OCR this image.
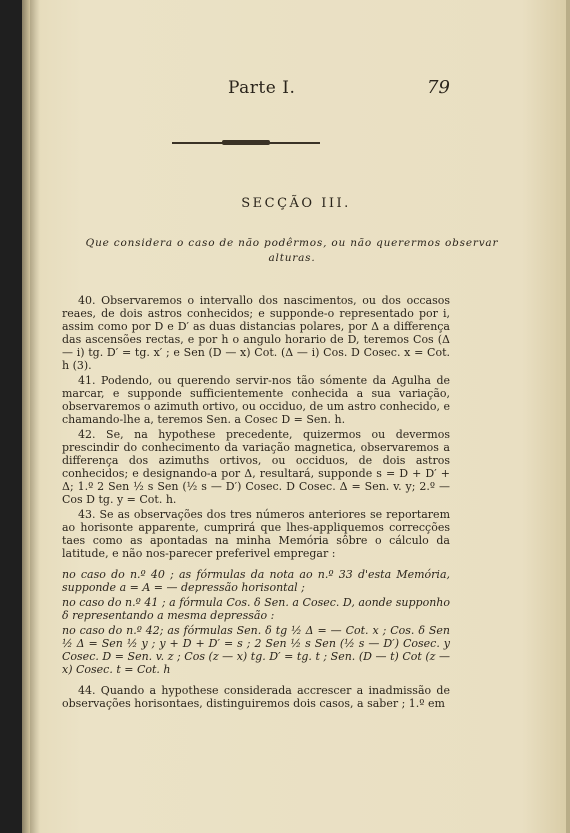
Parte I.	79
SECÇÃO III.
Que considera o caso de não podêrmos, ou não querermos observar alturas.

40. Observaremos o intervallo dos nascimentos, ou dos occasos reaes, de dois astros conhecidos; e supponde-o representado por i, assim como por D e D′ as duas distancias polares, por Δ a differença das ascensões rectas, e por h o angulo horario de D, teremos Cos (Δ — i) tg. D′ = tg. x′ ; e Sen (D — x) Cot. (Δ — i) Cos. D Cosec. x = Cot. h (3).

41. Podendo, ou querendo servir-nos tão sómente da Agulha de marcar, e supponde sufficientemente conhecida a sua variação, observaremos o azimuth ortivo, ou occiduo, de um astro conhecido, e chamando-lhe a, teremos Sen. a Cosec D = Sen. h.

42. Se, na hypothese precedente, quizermos ou devermos prescindir do conhecimento da variação magnetica, observaremos a differença dos azimuths ortivos, ou occiduos, de dois astros conhecidos; e designando-a por Δ, resultará, supponde s = D + D′ + Δ; 1.º 2 Sen ½ s Sen (½ s — D′) Cosec. D Cosec. Δ = Sen. v. y; 2.º — Cos D tg. y = Cot. h.

43. Se as observações dos tres números anteriores se reportarem ao horisonte apparente, cumprirá que lhes-appliquemos correcções taes como as apontadas na minha Memória sôbre o cálculo da latitude, e não nos-parecer preferivel empregar :

no caso do n.º 40 ; as fórmulas da nota ao n.º 33 d'esta Memória, supponde a = A = — depressão horisontal ;

no caso do n.º 41 ; a fórmula Cos. δ Sen. a Cosec. D, aonde supponho δ representando a mesma depressão :

no caso do n.º 42; as fórmulas Sen. δ tg ½ Δ = — Cot. x ; Cos. δ Sen ½ Δ = Sen ½ y ; y + D + D′ = s ; 2 Sen ½ s Sen (½ s — D′) Cosec. y Cosec. D = Sen. v. z ; Cos (z — x) tg. D′ = tg. t ; Sen. (D — t) Cot (z — x) Cosec. t = Cot. h

44. Quando a hypothese considerada accrescer a inadmissão de observações horisontaes, distinguiremos dois casos, a saber ; 1.º em
